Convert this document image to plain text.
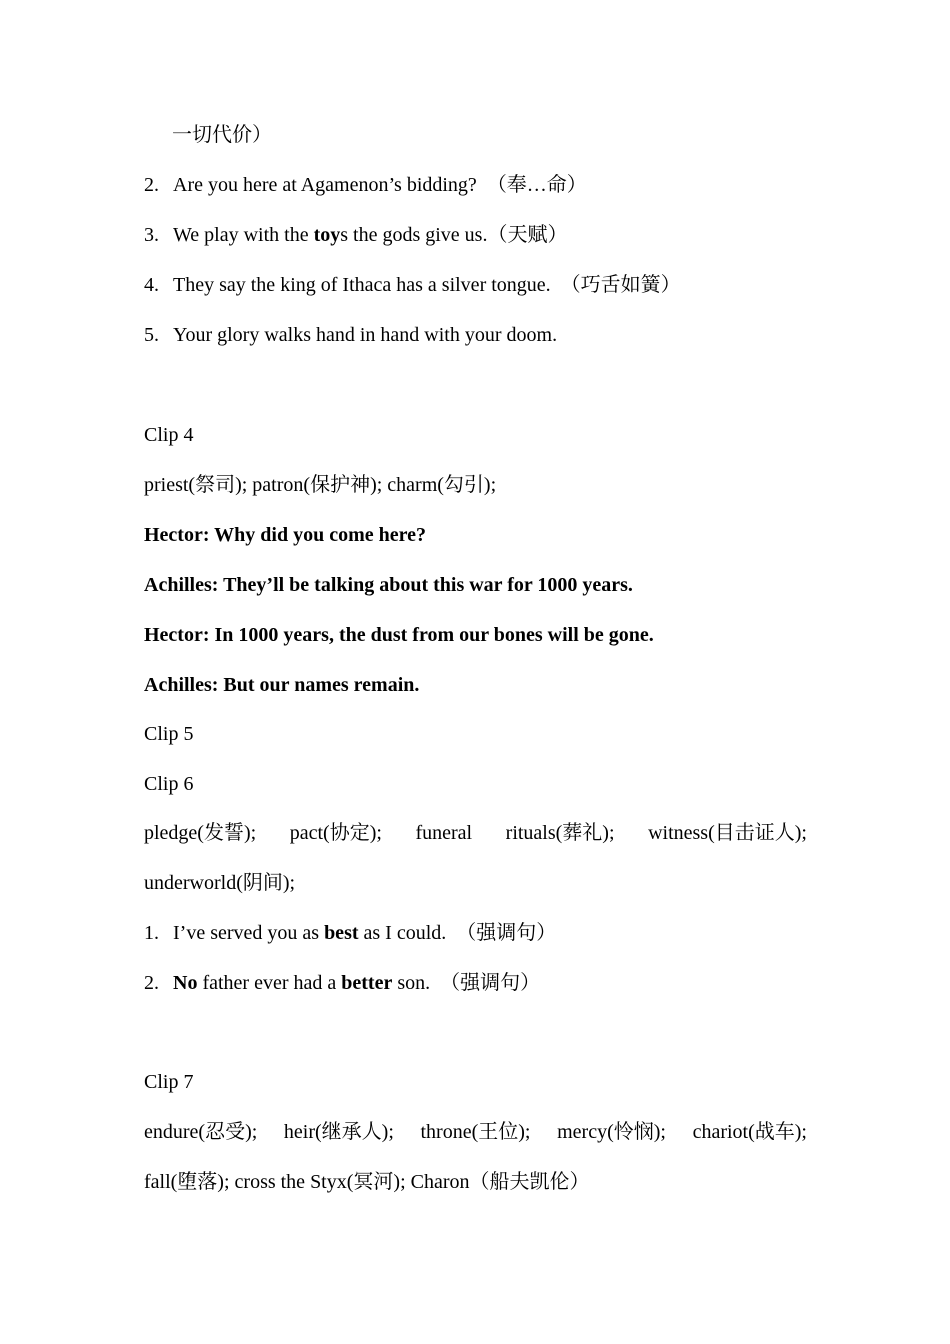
一切代价）
2. Are you here at Agamenon’s bidding? （奉…命）
3. We play with the toys the gods give us.（天赋）
4. They say the king of Ithaca has a silver tongue. （巧舌如簧）
5. Your glory walks hand in hand with your doom.
Clip 4
priest(祭司); patron(保护神); charm(勾引);
Hector: Why did you come here?
Achilles: They’ll be talking about this war for 1000 years.
Hector: In 1000 years, the dust from our bones will be gone.
Achilles: But our names remain.
Clip 5
Clip 6
pledge(发誓); pact(协定); funeral rituals(葬礼); witness(目击证人);
underworld(阴间);
1. I’ve served you as best as I could. （强调句）
2. No father ever had a better son. （强调句）
Clip 7
endure(忍受); heir(继承人); throne(王位); mercy(怜悯); chariot(战车);
fall(堕落); cross the Styx(冥河); Charon（船夫凯伦）
